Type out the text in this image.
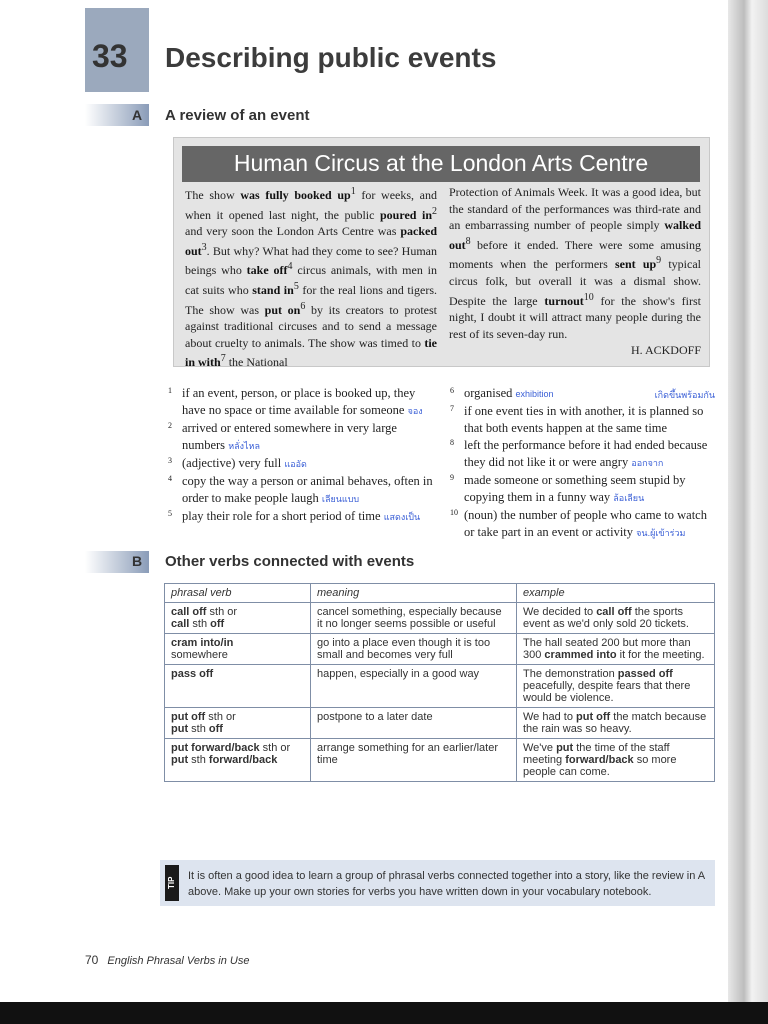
33 Describing public events
A A review of an event
Human Circus at the London Arts Centre
The show was fully booked $up^1$ for weeks, and when it opened last night, the public poured $in^2$ and very soon the London Arts Centre was packed out$^3$. But why? What had they come to see? Human beings who take off$^4$ circus animals, with men in cat suits who stand $in^5$ for the real lions and tigers. The show was put $on^6$ by its creators to protest against traditional circuses and to send a message about cruelty to animals. The show was timed to tie in with$^7$ the National
Protection of Animals Week. It was a good idea, but the standard of the performances was third-rate and an embarrassing number of people simply walked out$^8$ before it ended. There were some amusing moments when the performers sent $up^9$ typical circus folk, but overall it was a dismal show. Despite the large turnout$^{10}$ for the show's first night, I doubt it will attract many people during the rest of its seven-day run.
H. ACKDOFF
1 if an event, person, or place is booked up, they have no space or time available for someone จอง
2 arrived or entered somewhere in very large numbers หลั่งไหล
3 (adjective) very full แออัด
4 copy the way a person or animal behaves, often in order to make people laugh เลียนแบบ
5 play their role for a short period of time แสดงเป็น
6 organised exhibition	เกิดขึ้นพร้อมกัน
7 if one event ties in with another, it is planned so that both events happen at the same time
8 left the performance before it had ended because they did not like it or were angry ออกจาก
9 made someone or something seem stupid by copying them in a funny way ล้อเลียน
10 (noun) the number of people who came to watch or take part in an event or activity จน.ผู้เข้าร่วม
B Other verbs connected with events
phrasal verb	meaning	example
call off sth or
call sth off	cancel something, especially because it no longer seems possible or useful	We decided to call off the sports event as we'd only sold 20 tickets.
cram into/in
somewhere	go into a place even though it is too small and becomes very full	The hall seated 200 but more than 300 crammed into it for the meeting.
pass off	happen, especially in a good way	The demonstration passed off peacefully, despite fears that there would be violence.
put off sth or
put sth off	postpone to a later date	We had to put off the match because the rain was so heavy.
put forward/back sth or
put sth forward/back	arrange something for an earlier/later time	We've put the time of the staff meeting forward/back so more people can come.
TIP
It is often a good idea to learn a group of phrasal verbs connected together into a story, like the review in A above. Make up your own stories for verbs you have written down in your vocabulary notebook.
70 English Phrasal Verbs in Use
